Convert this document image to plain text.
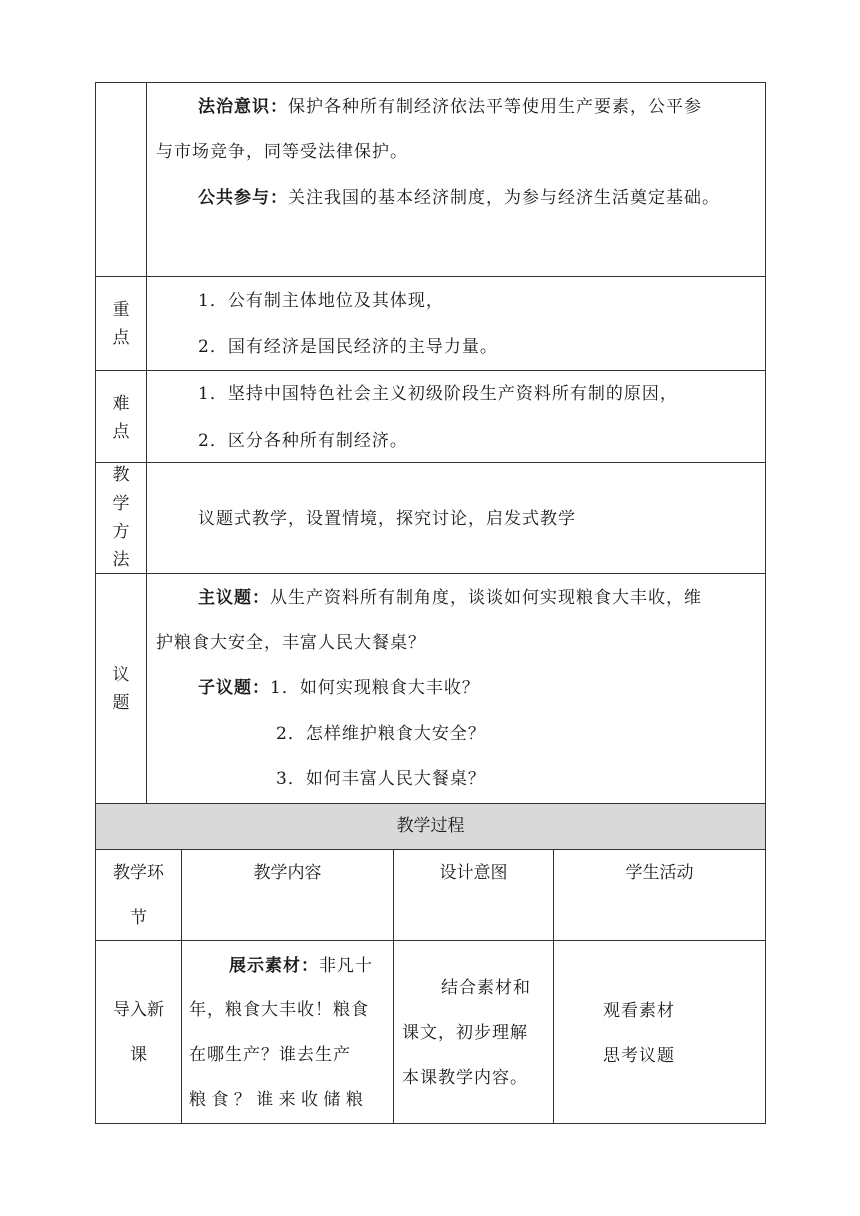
法治意识：保护各种所有制经济依法平等使用生产要素，公平参
与市场竞争，同等受法律保护。
公共参与：关注我国的基本经济制度，为参与经济生活奠定基础。
重
点
1．公有制主体地位及其体现，
2．国有经济是国民经济的主导力量。
难
点
1．坚持中国特色社会主义初级阶段生产资料所有制的原因，
2．区分各种所有制经济。
教
学
方
法
议题式教学，设置情境，探究讨论，启发式教学
议
题
主议题：从生产资料所有制角度，谈谈如何实现粮食大丰收，维
护粮食大安全，丰富人民大餐桌？
子议题：1．如何实现粮食大丰收？
2．怎样维护粮食大安全？
3．如何丰富人民大餐桌？
教学过程
教学环
节
教学内容	设计意图	学生活动
导入新
课
展示素材：非凡十
年，粮食大丰收！粮食
在哪生产？谁去生产
粮 食 ？ 谁 来 收 储 粮
结合素材和
课文，初步理解
本课教学内容。
观看素材
思考议题
